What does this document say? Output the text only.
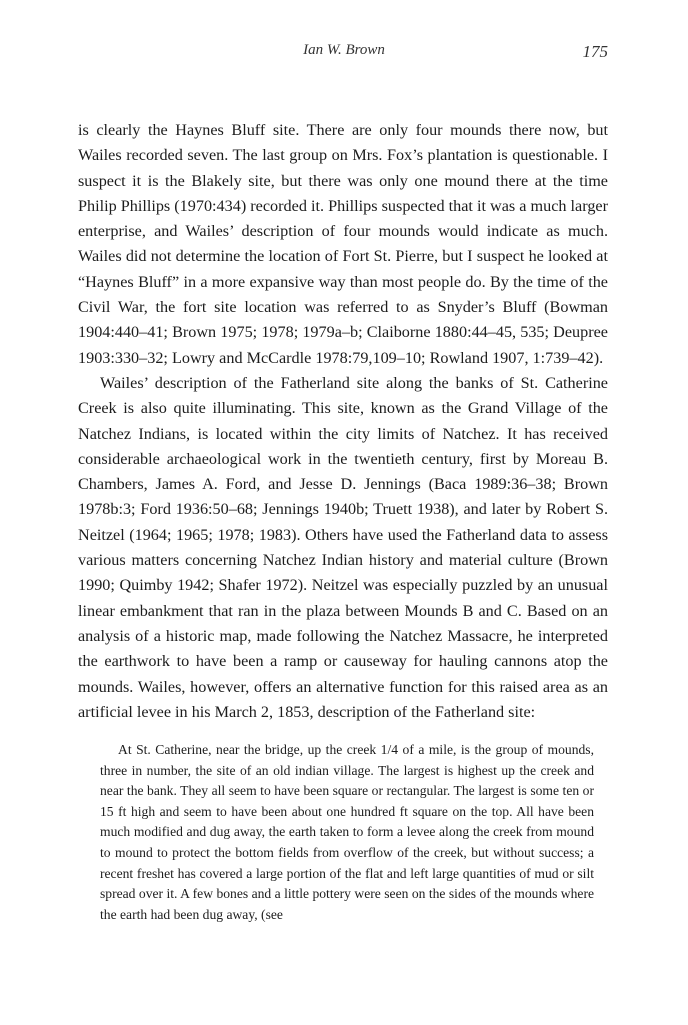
Ian W. Brown	175

is clearly the Haynes Bluff site. There are only four mounds there now, but Wailes recorded seven. The last group on Mrs. Fox’s plantation is questionable. I suspect it is the Blakely site, but there was only one mound there at the time Philip Phillips (1970:434) recorded it. Phillips suspected that it was a much larger enterprise, and Wailes’ description of four mounds would indicate as much. Wailes did not determine the location of Fort St. Pierre, but I suspect he looked at “Haynes Bluff” in a more expansive way than most people do. By the time of the Civil War, the fort site location was referred to as Snyder’s Bluff (Bowman 1904:440–41; Brown 1975; 1978; 1979a–b; Claiborne 1880:44–45, 535; Deupree 1903:330–32; Lowry and McCardle 1978:79,109–10; Rowland 1907, 1:739–42).

Wailes’ description of the Fatherland site along the banks of St. Catherine Creek is also quite illuminating. This site, known as the Grand Village of the Natchez Indians, is located within the city limits of Natchez. It has received considerable archaeological work in the twentieth century, first by Moreau B. Chambers, James A. Ford, and Jesse D. Jennings (Baca 1989:36–38; Brown 1978b:3; Ford 1936:50–68; Jennings 1940b; Truett 1938), and later by Robert S. Neitzel (1964; 1965; 1978; 1983). Others have used the Fatherland data to assess various matters concerning Natchez Indian history and material culture (Brown 1990; Quimby 1942; Shafer 1972). Neitzel was especially puzzled by an unusual linear embankment that ran in the plaza between Mounds B and C. Based on an analysis of a historic map, made following the Natchez Massacre, he interpreted the earthwork to have been a ramp or causeway for hauling cannons atop the mounds. Wailes, however, offers an alternative function for this raised area as an artificial levee in his March 2, 1853, description of the Fatherland site:

At St. Catherine, near the bridge, up the creek 1/4 of a mile, is the group of mounds, three in number, the site of an old indian village. The largest is highest up the creek and near the bank. They all seem to have been square or rectangular. The largest is some ten or 15 ft high and seem to have been about one hundred ft square on the top. All have been much modified and dug away, the earth taken to form a levee along the creek from mound to mound to protect the bottom fields from overflow of the creek, but without success; a recent freshet has covered a large portion of the flat and left large quantities of mud or silt spread over it. A few bones and a little pottery were seen on the sides of the mounds where the earth had been dug away, (see
